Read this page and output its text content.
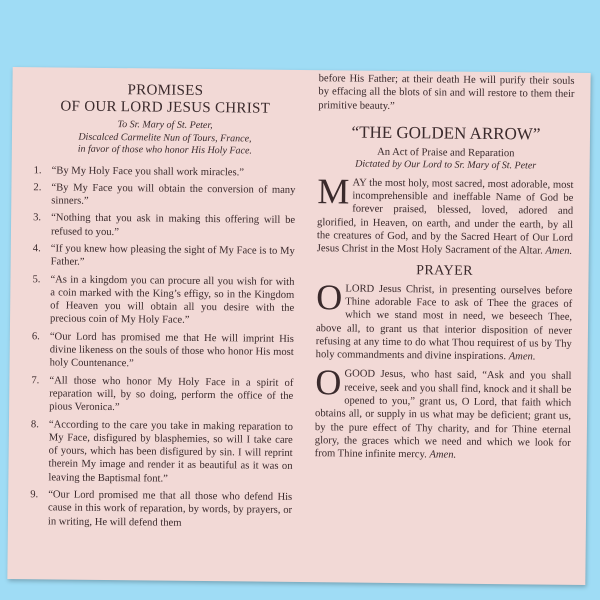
PROMISES
OF OUR LORD JESUS CHRIST
To Sr. Mary of St. Peter,
Discalced Carmelite Nun of Tours, France,
in favor of those who honor His Holy Face.
1. “By My Holy Face you shall work miracles.”
2. “By My Face you will obtain the conversion of many sinners.”
3. “Nothing that you ask in making this offering will be refused to you.”
4. “If you knew how pleasing the sight of My Face is to My Father.”
5. “As in a kingdom you can procure all you wish for with a coin marked with the King’s effigy, so in the Kingdom of Heaven you will obtain all you desire with the precious coin of My Holy Face.”
6. “Our Lord has promised me that He will imprint His divine likeness on the souls of those who honor His most holy Countenance.”
7. “All those who honor My Holy Face in a spirit of reparation will, by so doing, perform the office of the pious Veronica.”
8. “According to the care you take in making reparation to My Face, disfigured by blasphemies, so will I take care of yours, which has been disfigured by sin. I will reprint therein My image and render it as beautiful as it was on leaving the Baptismal font.”
9. “Our Lord promised me that all those who defend His cause in this work of reparation, by words, by prayers, or in writing, He will defend them
before His Father; at their death He will purify their souls by effacing all the blots of sin and will restore to them their primitive beauty.”
“THE GOLDEN ARROW”
An Act of Praise and Reparation
Dictated by Our Lord to Sr. Mary of St. Peter
MAY the most holy, most sacred, most adorable, most incomprehensible and ineffable Name of God be forever praised, blessed, loved, adored and glorified, in Heaven, on earth, and under the earth, by all the creatures of God, and by the Sacred Heart of Our Lord Jesus Christ in the Most Holy Sacrament of the Altar. Amen.
PRAYER
OLORD Jesus Christ, in presenting ourselves before Thine adorable Face to ask of Thee the graces of which we stand most in need, we beseech Thee, above all, to grant us that interior disposition of never refusing at any time to do what Thou requirest of us by Thy holy commandments and divine inspirations. Amen.
OGOOD Jesus, who hast said, “Ask and you shall receive, seek and you shall find, knock and it shall be opened to you,” grant us, O Lord, that faith which obtains all, or supply in us what may be deficient; grant us, by the pure effect of Thy charity, and for Thine eternal glory, the graces which we need and which we look for from Thine infinite mercy. Amen.
